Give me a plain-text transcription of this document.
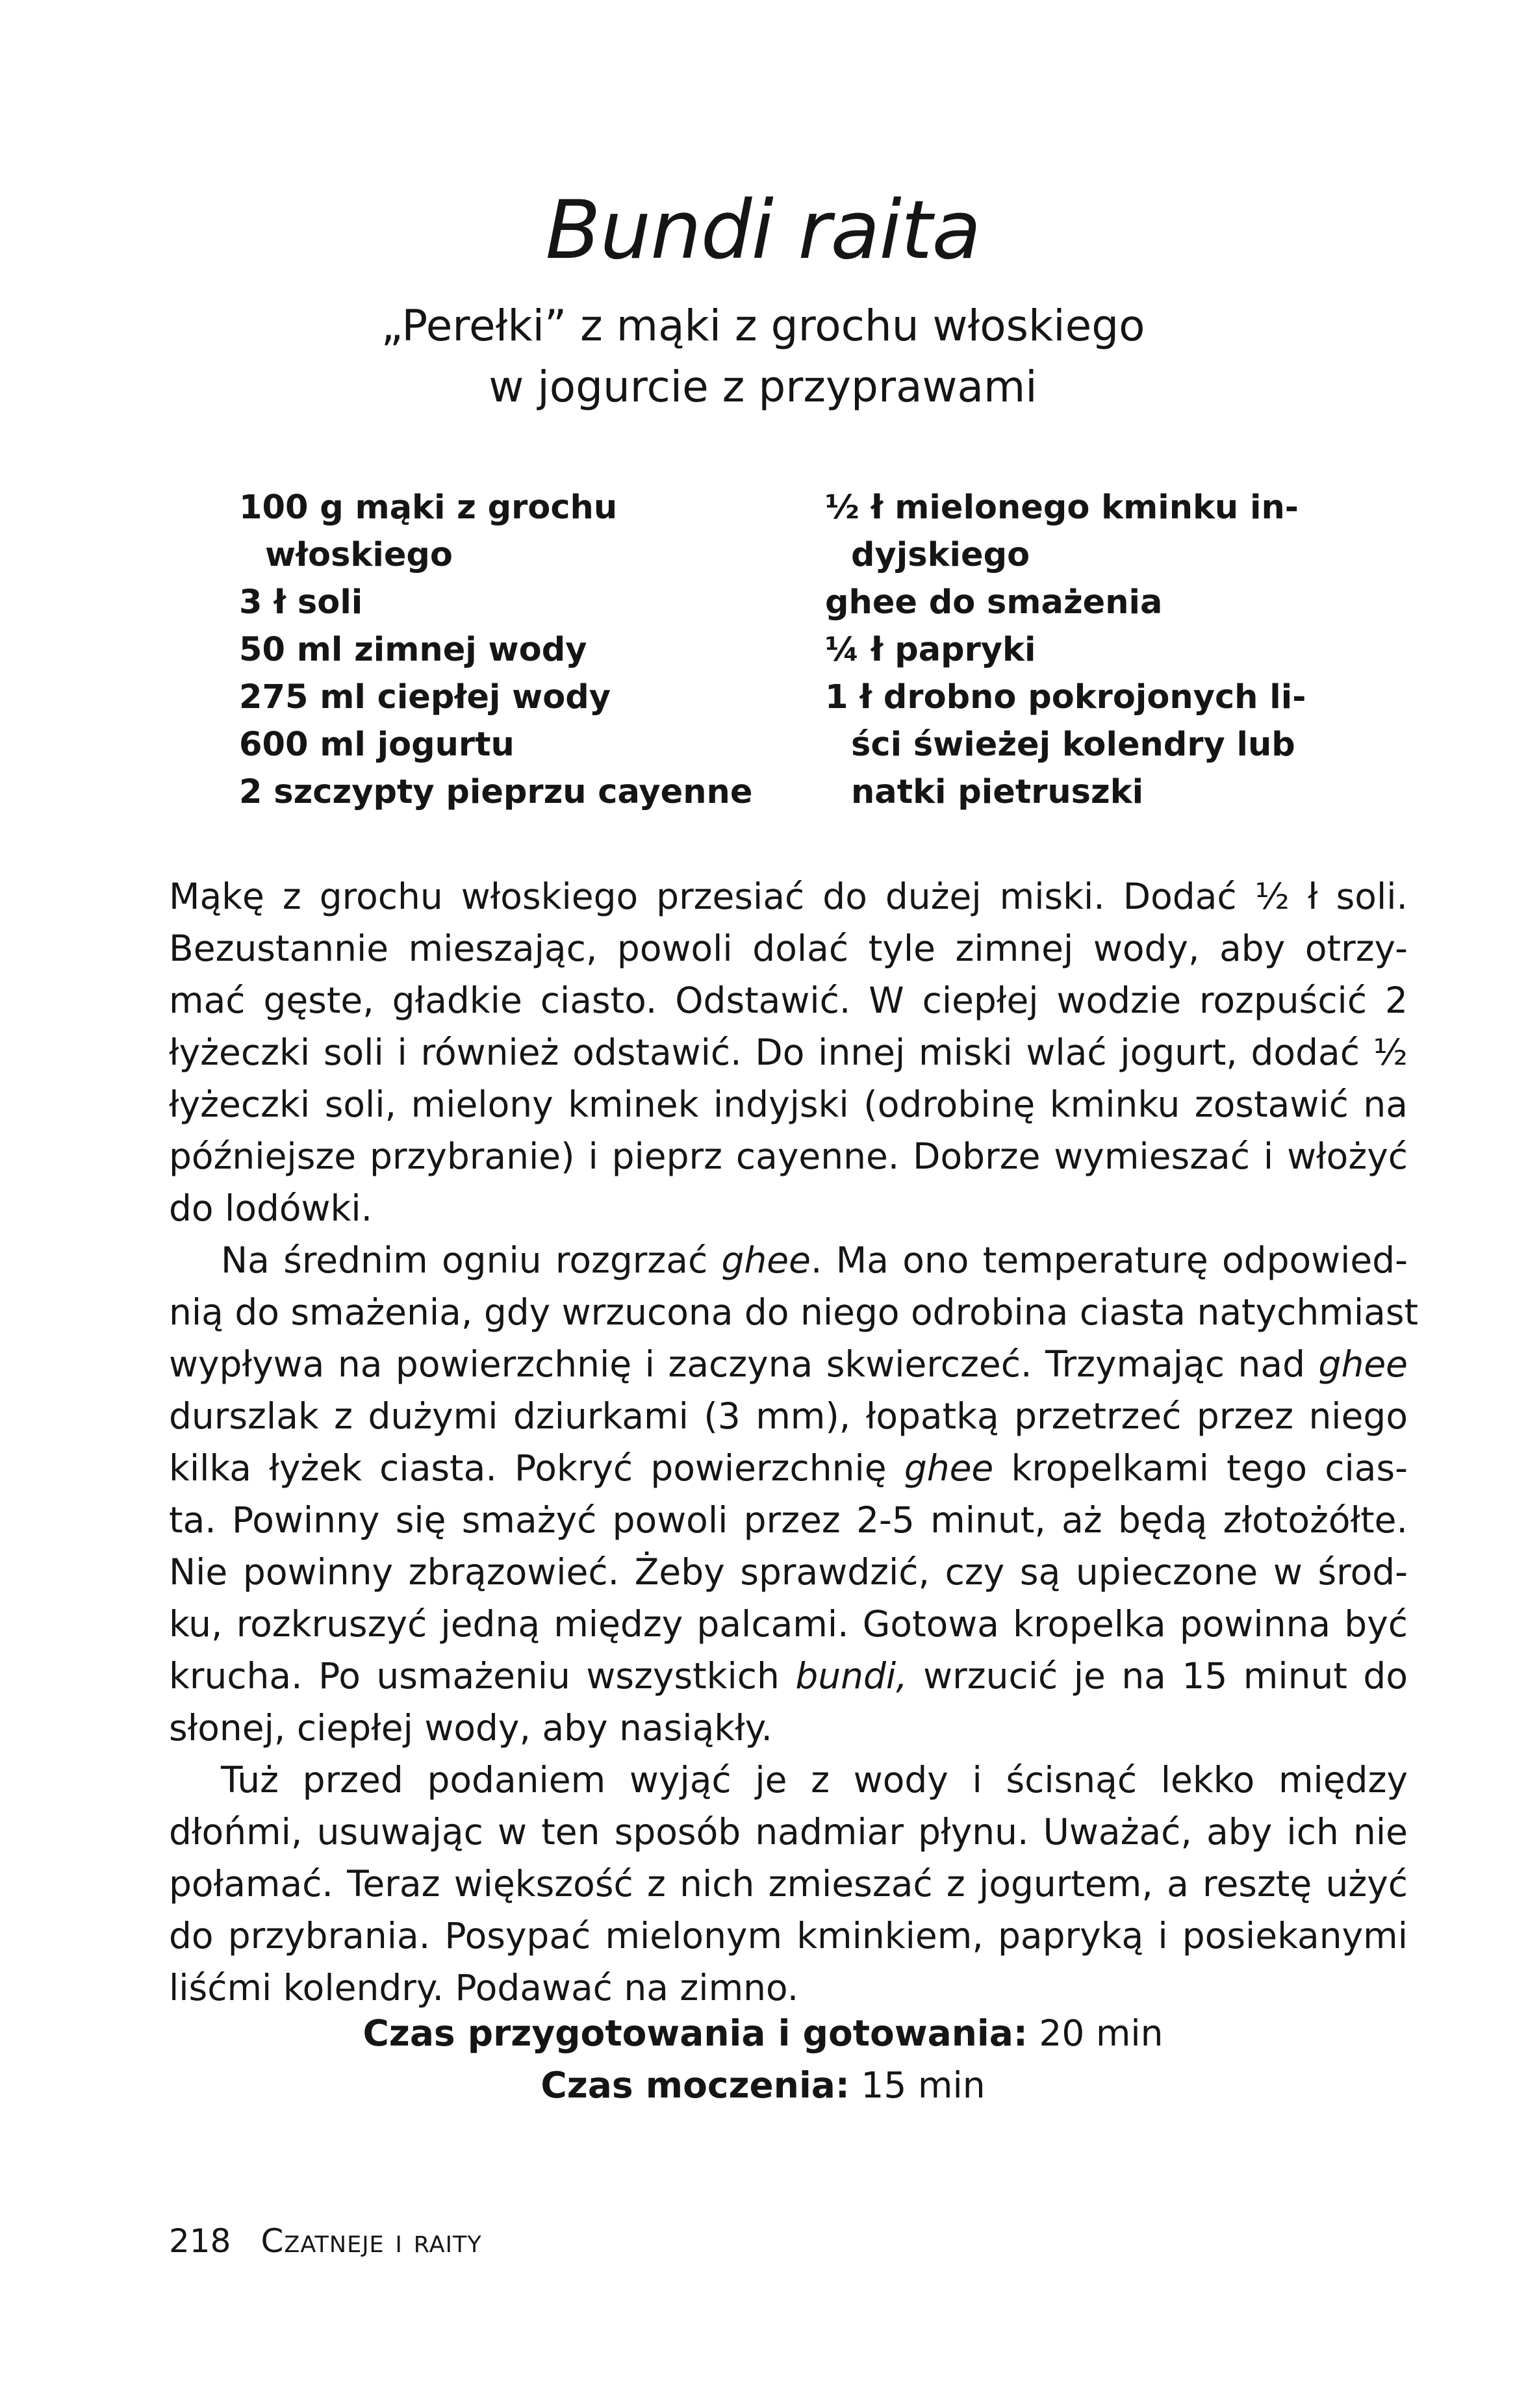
Bundi raita
„Perełki” z mąki z grochu włoskiego
w jogurcie z przyprawami
100 g mąki z grochu
włoskiego
3 ł soli
50 ml zimnej wody
275 ml ciepłej wody
600 ml jogurtu
2 szczypty pieprzu cayenne
½ ł mielonego kminku in-
dyjskiego
ghee do smażenia
¼ ł papryki
1 ł drobno pokrojonych li-
ści świeżej kolendry lub
natki pietruszki
Mąkę z grochu włoskiego przesiać do dużej miski. Dodać ½ ł soli.
Bezustannie mieszając, powoli dolać tyle zimnej wody, aby otrzy-
mać gęste, gładkie ciasto. Odstawić. W ciepłej wodzie rozpuścić 2
łyżeczki soli i również odstawić. Do innej miski wlać jogurt, dodać ½
łyżeczki soli, mielony kminek indyjski (odrobinę kminku zostawić na
późniejsze przybranie) i pieprz cayenne. Dobrze wymieszać i włożyć
do lodówki.
Na średnim ogniu rozgrzać ghee. Ma ono temperaturę odpowied-
nią do smażenia, gdy wrzucona do niego odrobina ciasta natychmiast
wypływa na powierzchnię i zaczyna skwierczeć. Trzymając nad ghee
durszlak z dużymi dziurkami (3 mm), łopatką przetrzeć przez niego
kilka łyżek ciasta. Pokryć powierzchnię ghee kropelkami tego cias-
ta. Powinny się smażyć powoli przez 2-5 minut, aż będą złotożółte.
Nie powinny zbrązowieć. Żeby sprawdzić, czy są upieczone w środ-
ku, rozkruszyć jedną między palcami. Gotowa kropelka powinna być
krucha. Po usmażeniu wszystkich bundi, wrzucić je na 15 minut do
słonej, ciepłej wody, aby nasiąkły.
Tuż przed podaniem wyjąć je z wody i ścisnąć lekko między
dłońmi, usuwając w ten sposób nadmiar płynu. Uważać, aby ich nie
połamać. Teraz większość z nich zmieszać z jogurtem, a resztę użyć
do przybrania. Posypać mielonym kminkiem, papryką i posiekanymi
liśćmi kolendry. Podawać na zimno.
Czas przygotowania i gotowania: 20 min
Czas moczenia: 15 min
218 Czatneje i raity
